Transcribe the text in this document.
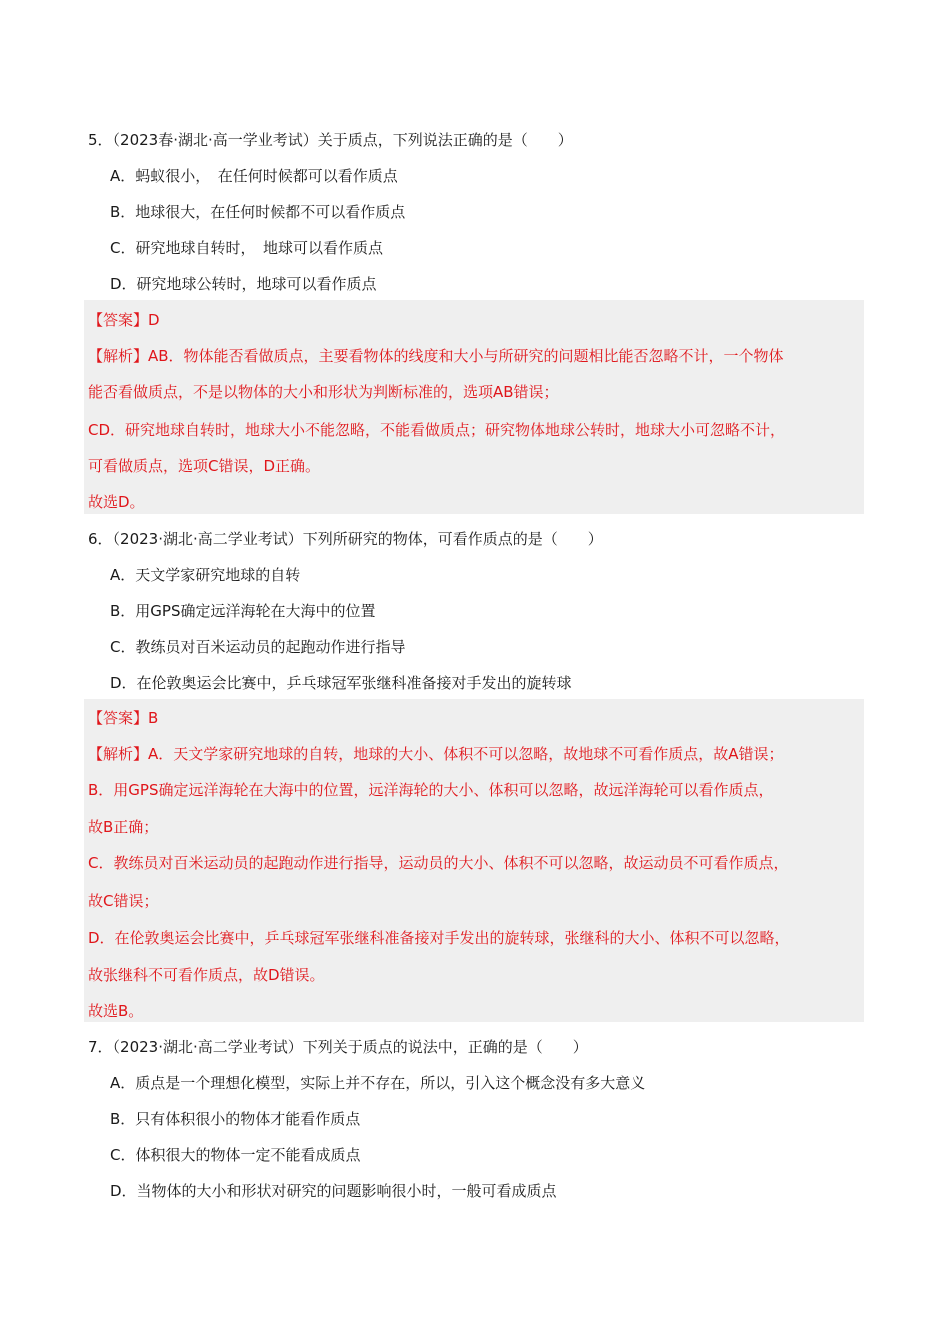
5．（2023春·湖北·高一学业考试）关于质点，下列说法正确的是（　　）
A．蚂蚁很小，　在任何时候都可以看作质点
B．地球很大，在任何时候都不可以看作质点
C．研究地球自转时，　地球可以看作质点
D．研究地球公转时，地球可以看作质点
【答案】D
【解析】AB．物体能否看做质点，主要看物体的线度和大小与所研究的问题相比能否忽略不计，一个物体
能否看做质点，不是以物体的大小和形状为判断标准的，选项AB错误；
CD．研究地球自转时，地球大小不能忽略，不能看做质点；研究物体地球公转时，地球大小可忽略不计，
可看做质点，选项C错误，D正确。
故选D。
6．（2023·湖北·高二学业考试）下列所研究的物体，可看作质点的是（　　）
A．天文学家研究地球的自转
B．用GPS确定远洋海轮在大海中的位置
C．教练员对百米运动员的起跑动作进行指导
D．在伦敦奥运会比赛中，乒乓球冠军张继科准备接对手发出的旋转球
【答案】B
【解析】A．天文学家研究地球的自转，地球的大小、体积不可以忽略，故地球不可看作质点，故A错误；
B．用GPS确定远洋海轮在大海中的位置，远洋海轮的大小、体积可以忽略，故远洋海轮可以看作质点，
故B正确；
C．教练员对百米运动员的起跑动作进行指导，运动员的大小、体积不可以忽略，故运动员不可看作质点，
故C错误；
D．在伦敦奥运会比赛中，乒乓球冠军张继科准备接对手发出的旋转球，张继科的大小、体积不可以忽略，
故张继科不可看作质点，故D错误。
故选B。
7．（2023·湖北·高二学业考试）下列关于质点的说法中，正确的是（　　）
A．质点是一个理想化模型，实际上并不存在，所以，引入这个概念没有多大意义
B．只有体积很小的物体才能看作质点
C．体积很大的物体一定不能看成质点
D．当物体的大小和形状对研究的问题影响很小时，一般可看成质点
